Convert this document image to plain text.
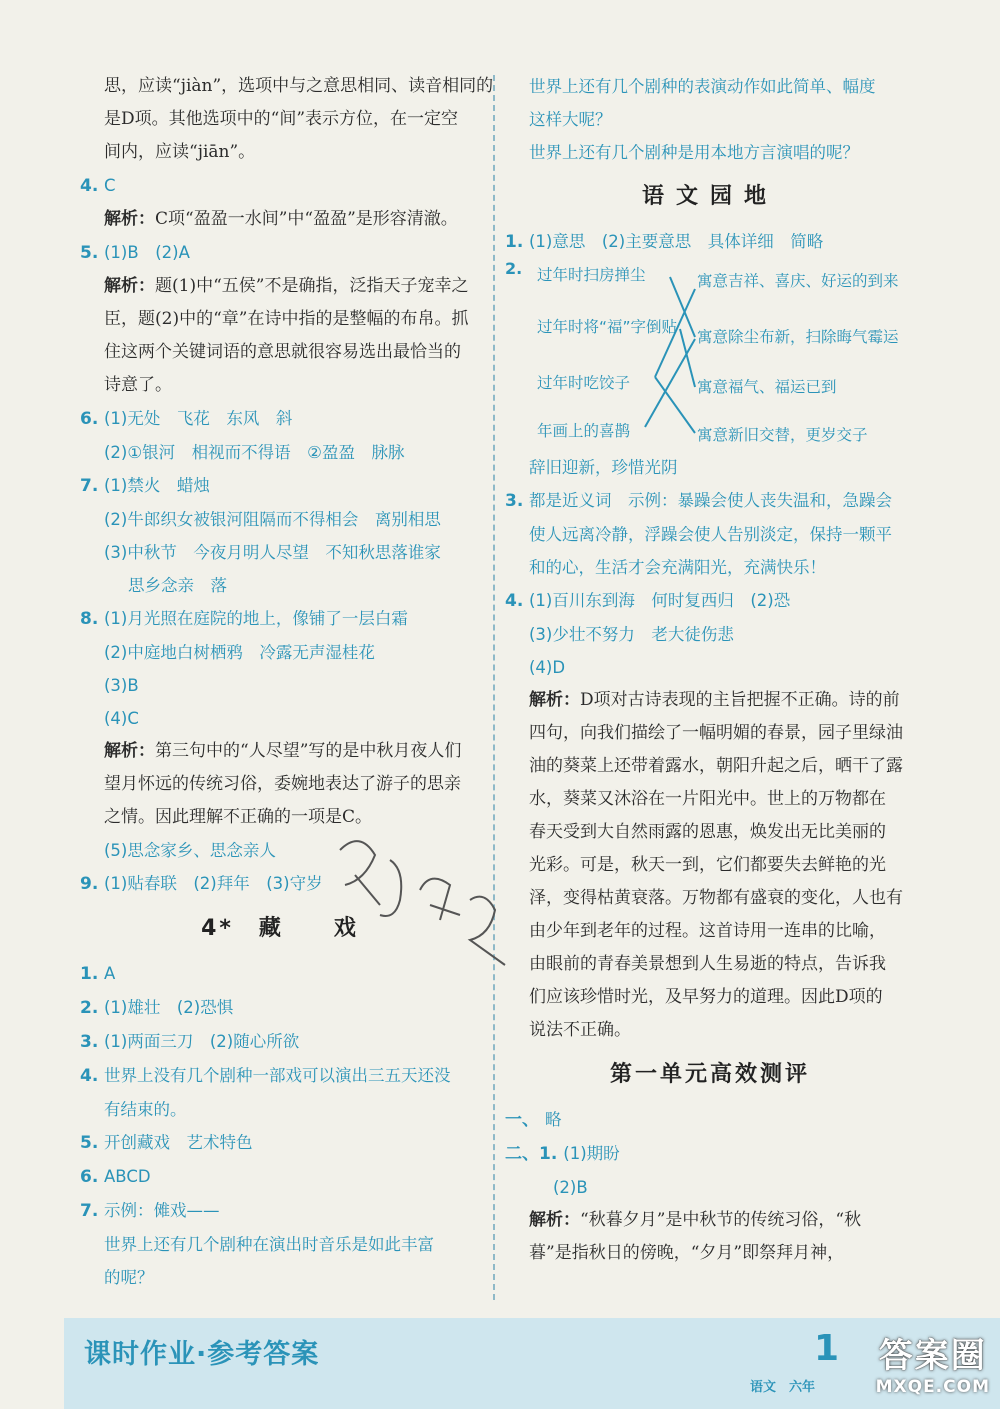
思，应读“jiàn”，选项中与之意思相同、读音相同的
是D项。其他选项中的“间”表示方位，在一定空
间内，应读“jiān”。
4. C
解析：C项“盈盈一水间”中“盈盈”是形容清澈。
5. (1)B　(2)A
解析：题(1)中“五侯”不是确指，泛指天子宠幸之
臣，题(2)中的“章”在诗中指的是整幅的布帛。抓
住这两个关键词语的意思就很容易选出最恰当的
诗意了。
6. (1)无处　飞花　东风　斜
(2)①银河　相视而不得语　②盈盈　脉脉
7. (1)禁火　蜡烛
(2)牛郎织女被银河阻隔而不得相会　离别相思
(3)中秋节　今夜月明人尽望　不知秋思落谁家
思乡念亲　落
8. (1)月光照在庭院的地上，像铺了一层白霜
(2)中庭地白树栖鸦　冷露无声湿桂花
(3)B
(4)C
解析：第三句中的“人尽望”写的是中秋月夜人们
望月怀远的传统习俗，委婉地表达了游子的思亲
之情。因此理解不正确的一项是C。
(5)思念家乡、思念亲人
9. (1)贴春联　(2)拜年　(3)守岁
4*　藏　　戏
1. A
2. (1)雄壮　(2)恐惧
3. (1)两面三刀　(2)随心所欲
4. 世界上没有几个剧种一部戏可以演出三五天还没
有结束的。
5. 开创藏戏　艺术特色
6. ABCD
7. 示例：傩戏——
世界上还有几个剧种在演出时音乐是如此丰富
的呢？
世界上还有几个剧种的表演动作如此简单、幅度
这样大呢？
世界上还有几个剧种是用本地方言演唱的呢？
语文园地
1. (1)意思　(2)主要意思　具体详细　简略
2. 过年时扫房掸尘
过年时将“福”字倒贴
过年时吃饺子
年画上的喜鹊
寓意吉祥、喜庆、好运的到来
寓意除尘布新，扫除晦气霉运
寓意福气、福运已到
寓意新旧交替，更岁交子
辞旧迎新，珍惜光阴
3. 都是近义词　示例：暴躁会使人丧失温和，急躁会
使人远离冷静，浮躁会使人告别淡定，保持一颗平
和的心，生活才会充满阳光，充满快乐！
4. (1)百川东到海　何时复西归　(2)恐
(3)少壮不努力　老大徒伤悲
(4)D
解析：D项对古诗表现的主旨把握不正确。诗的前
四句，向我们描绘了一幅明媚的春景，园子里绿油
油的葵菜上还带着露水，朝阳升起之后，晒干了露
水，葵菜又沐浴在一片阳光中。世上的万物都在
春天受到大自然雨露的恩惠，焕发出无比美丽的
光彩。可是，秋天一到，它们都要失去鲜艳的光
泽，变得枯黄衰落。万物都有盛衰的变化，人也有
由少年到老年的过程。这首诗用一连串的比喻，
由眼前的青春美景想到人生易逝的特点，告诉我
们应该珍惜时光，及早努力的道理。因此D项的
说法不正确。
第一单元高效测评
一、 略
二、1. (1)期盼
(2)B
解析：“秋暮夕月”是中秋节的传统习俗，“秋
暮”是指秋日的傍晚，“夕月”即祭拜月神，
课时作业·参考答案	1
语文　六年
答案圈
MXQE.COM
